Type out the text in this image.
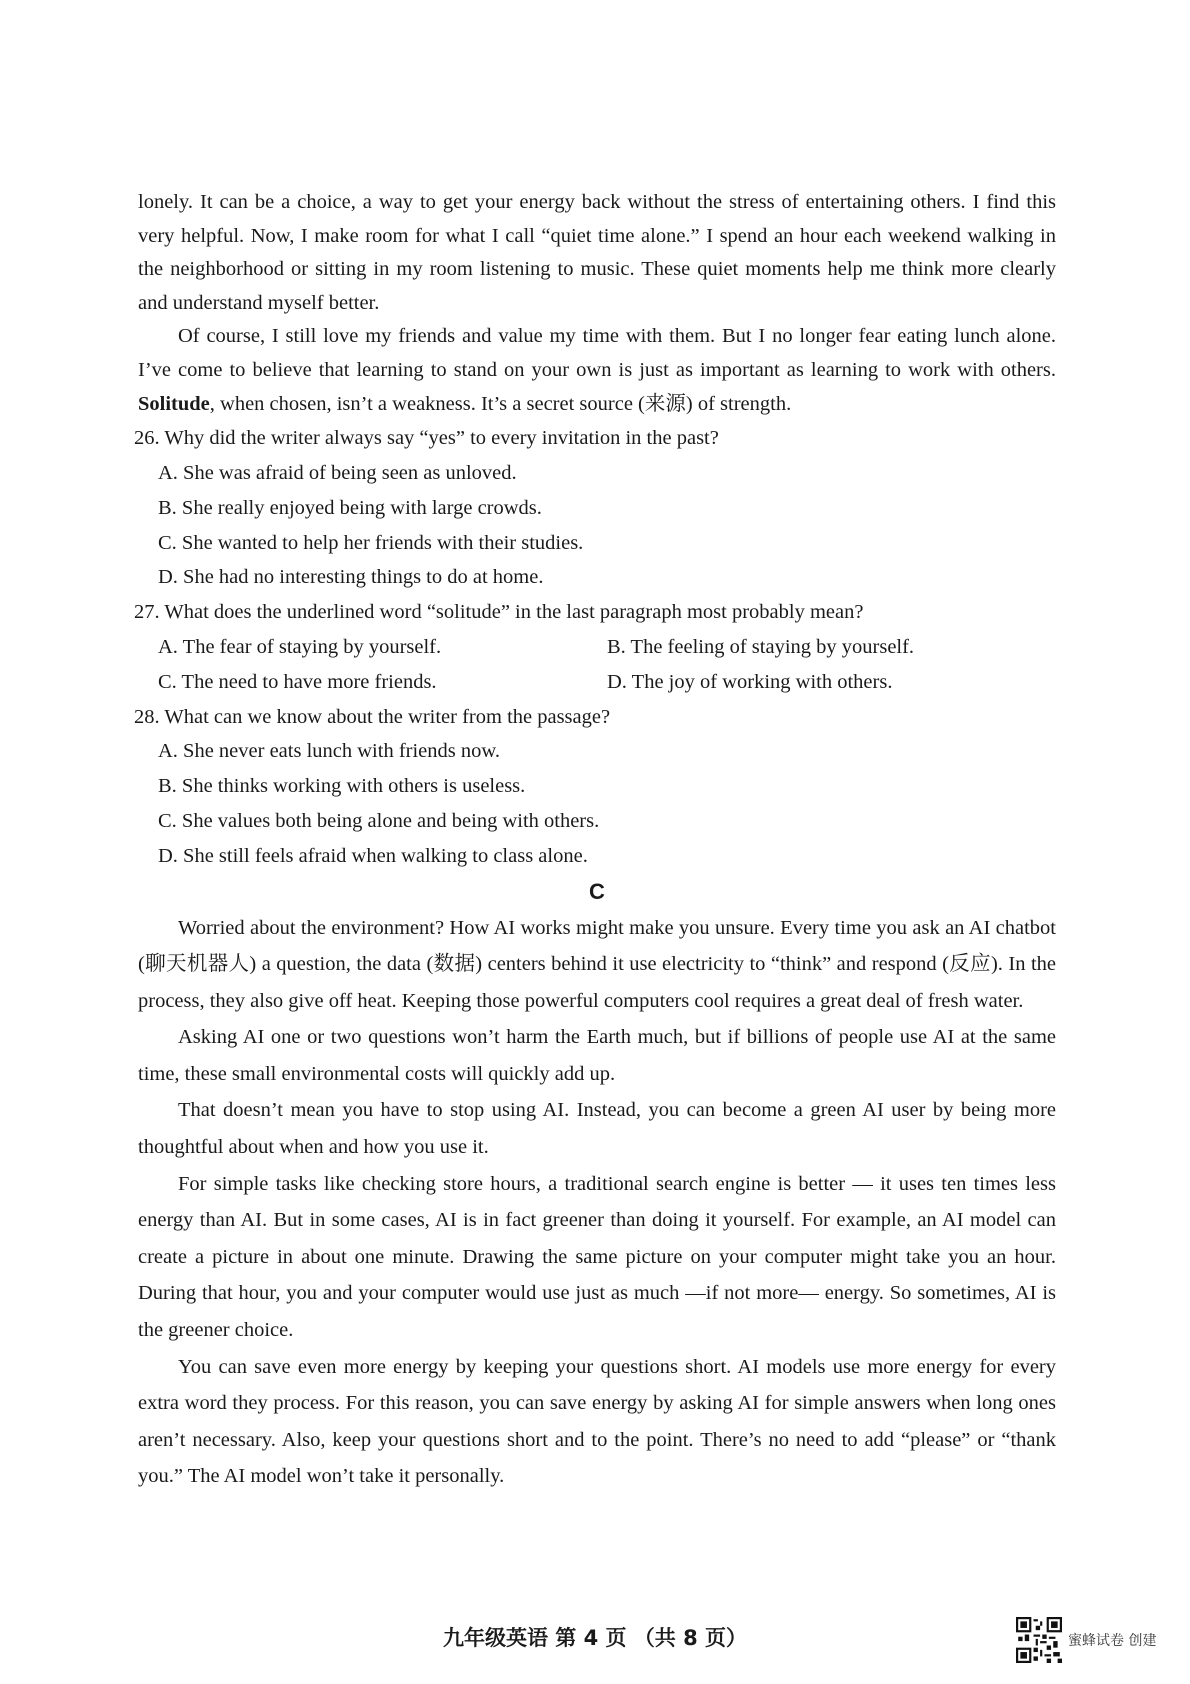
lonely. It can be a choice, a way to get your energy back without the stress of entertaining others. I find this very helpful. Now, I make room for what I call “quiet time alone.” I spend an hour each weekend walking in the neighborhood or sitting in my room listening to music. These quiet moments help me think more clearly and understand myself better.

Of course, I still love my friends and value my time with them. But I no longer fear eating lunch alone. I’ve come to believe that learning to stand on your own is just as important as learning to work with others. Solitude, when chosen, isn’t a weakness. It’s a secret source (来源) of strength.

26. Why did the writer always say “yes” to every invitation in the past?
A. She was afraid of being seen as unloved.
B. She really enjoyed being with large crowds.
C. She wanted to help her friends with their studies.
D. She had no interesting things to do at home.
27. What does the underlined word “solitude” in the last paragraph most probably mean?
A. The fear of staying by yourself.	B. The feeling of staying by yourself.
C. The need to have more friends.	D. The joy of working with others.
28. What can we know about the writer from the passage?
A. She never eats lunch with friends now.
B. She thinks working with others is useless.
C. She values both being alone and being with others.
D. She still feels afraid when walking to class alone.
C

Worried about the environment? How AI works might make you unsure. Every time you ask an AI chatbot (聊天机器人) a question, the data (数据) centers behind it use electricity to “think” and respond (反应). In the process, they also give off heat. Keeping those powerful computers cool requires a great deal of fresh water.

Asking AI one or two questions won’t harm the Earth much, but if billions of people use AI at the same time, these small environmental costs will quickly add up.

That doesn’t mean you have to stop using AI. Instead, you can become a green AI user by being more thoughtful about when and how you use it.

For simple tasks like checking store hours, a traditional search engine is better — it uses ten times less energy than AI. But in some cases, AI is in fact greener than doing it yourself. For example, an AI model can create a picture in about one minute. Drawing the same picture on your computer might take you an hour. During that hour, you and your computer would use just as much —if not more— energy. So sometimes, AI is the greener choice.

You can save even more energy by keeping your questions short. AI models use more energy for every extra word they process. For this reason, you can save energy by asking AI for simple answers when long ones aren’t necessary. Also, keep your questions short and to the point. There’s no need to add “please” or “thank you.” The AI model won’t take it personally.

九年级英语 第 4 页 （共 8 页）	蜜蜂试卷 创建
